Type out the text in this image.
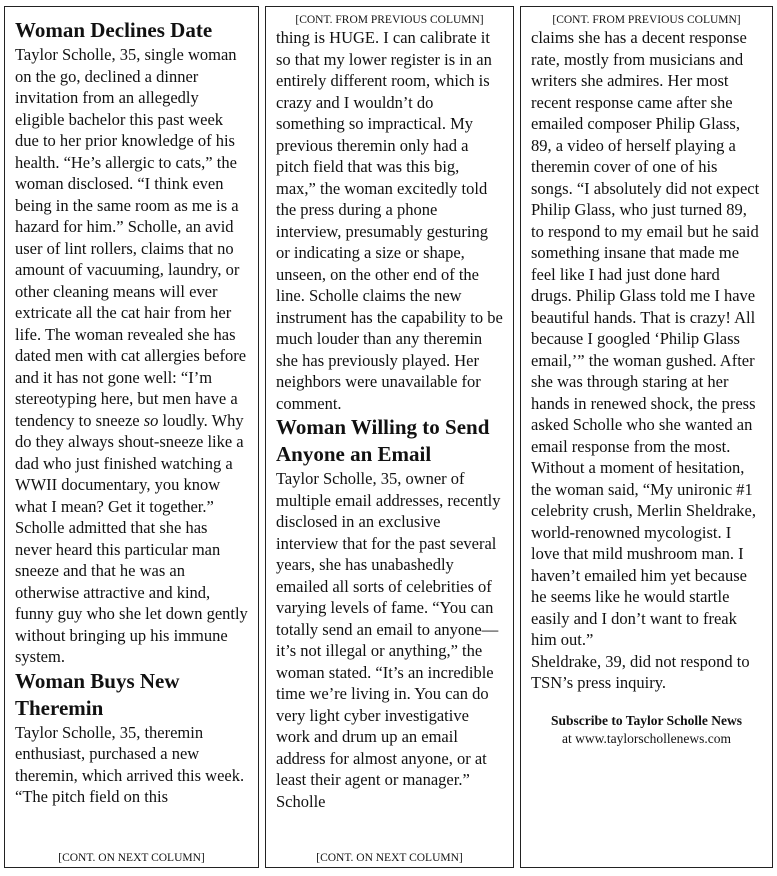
Woman Declines Date

Taylor Scholle, 35, single woman on the go, declined a dinner invitation from an allegedly eligible bachelor this past week due to her prior knowledge of his health. “He’s allergic to cats,” the woman disclosed. “I think even being in the same room as me is a hazard for him.” Scholle, an avid user of lint rollers, claims that no amount of vacuuming, laundry, or other cleaning means will ever extricate all the cat hair from her life. The woman revealed she has dated men with cat allergies before and it has not gone well: “I’m stereotyping here, but men have a tendency to sneeze so loudly. Why do they always shout-sneeze like a dad who just finished watching a WWII documentary, you know what I mean? Get it together.” Scholle admitted that she has never heard this particular man sneeze and that he was an otherwise attractive and kind, funny guy who she let down gently without bringing up his immune system.

Woman Buys New Theremin

Taylor Scholle, 35, theremin enthusiast, purchased a new theremin, which arrived this week. “The pitch field on this

[CONT. ON NEXT COLUMN]
[CONT. FROM PREVIOUS COLUMN]

thing is HUGE. I can calibrate it so that my lower register is in an entirely different room, which is crazy and I wouldn’t do something so impractical. My previous theremin only had a pitch field that was this big, max,” the woman excitedly told the press during a phone interview, presumably gesturing or indicating a size or shape, unseen, on the other end of the line. Scholle claims the new instrument has the capability to be much louder than any theremin she has previously played. Her neighbors were unavailable for comment.

Woman Willing to Send Anyone an Email

Taylor Scholle, 35, owner of multiple email addresses, recently disclosed in an exclusive interview that for the past several years, she has unabashedly emailed all sorts of celebrities of varying levels of fame. “You can totally send an email to anyone—it’s not illegal or anything,” the woman stated. “It’s an incredible time we’re living in. You can do very light cyber investigative work and drum up an email address for almost anyone, or at least their agent or manager.” Scholle

[CONT. ON NEXT COLUMN]
[CONT. FROM PREVIOUS COLUMN]

claims she has a decent response rate, mostly from musicians and writers she admires. Her most recent response came after she emailed composer Philip Glass, 89, a video of herself playing a theremin cover of one of his songs. “I absolutely did not expect Philip Glass, who just turned 89, to respond to my email but he said something insane that made me feel like I had just done hard drugs. Philip Glass told me I have beautiful hands. That is crazy! All because I googled ‘Philip Glass email,’” the woman gushed. After she was through staring at her hands in renewed shock, the press asked Scholle who she wanted an email response from the most. Without a moment of hesitation, the woman said, “My unironic #1 celebrity crush, Merlin Sheldrake, world-renowned mycologist. I love that mild mushroom man. I haven’t emailed him yet because he seems like he would startle easily and I don’t want to freak him out.”

Sheldrake, 39, did not respond to TSN’s press inquiry.

Subscribe to Taylor Scholle News
at www.taylorschollenews.com
